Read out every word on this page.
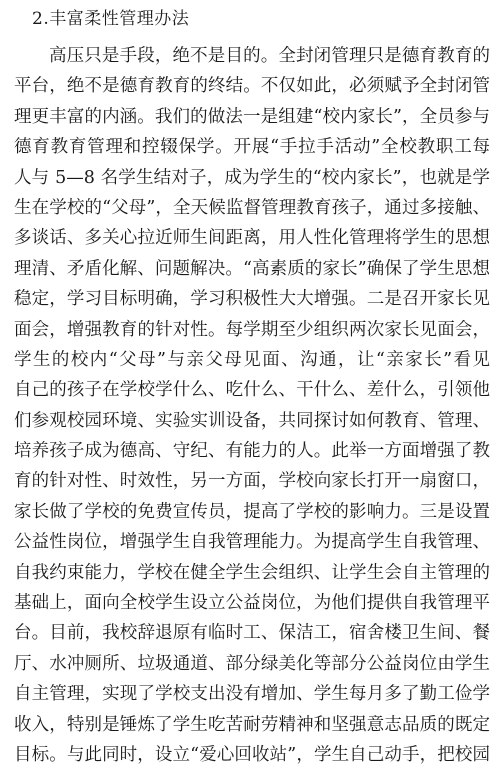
2.丰富柔性管理办法
高压只是手段，绝不是目的。全封闭管理只是德育教育的
平台，绝不是德育教育的终结。不仅如此，必须赋予全封闭管
理更丰富的内涵。我们的做法一是组建“校内家长”，全员参与
德育教育管理和控辍保学。开展“手拉手活动”全校教职工每
人与 5—8 名学生结对子，成为学生的“校内家长”，也就是学
生在学校的“父母”，全天候监督管理教育孩子，通过多接触、
多谈话、多关心拉近师生间距离，用人性化管理将学生的思想
理清、矛盾化解、问题解决。“高素质的家长”确保了学生思想
稳定，学习目标明确，学习积极性大大增强。二是召开家长见
面会，增强教育的针对性。每学期至少组织两次家长见面会，
学生的校内“父母”与亲父母见面、沟通，让“亲家长”看见
自己的孩子在学校学什么、吃什么、干什么、差什么，引领他
们参观校园环境、实验实训设备，共同探讨如何教育、管理、
培养孩子成为德高、守纪、有能力的人。此举一方面增强了教
育的针对性、时效性，另一方面，学校向家长打开一扇窗口，
家长做了学校的免费宣传员，提高了学校的影响力。三是设置
公益性岗位，增强学生自我管理能力。为提高学生自我管理、
自我约束能力，学校在健全学生会组织、让学生会自主管理的
基础上，面向全校学生设立公益岗位，为他们提供自我管理平
台。目前，我校辞退原有临时工、保洁工，宿舍楼卫生间、餐
厅、水冲厕所、垃圾通道、部分绿美化等部分公益岗位由学生
自主管理，实现了学校支出没有增加、学生每月多了勤工俭学
收入，特别是锤炼了学生吃苦耐劳精神和坚强意志品质的既定
目标。与此同时，设立“爱心回收站”，学生自己动手，把校园
